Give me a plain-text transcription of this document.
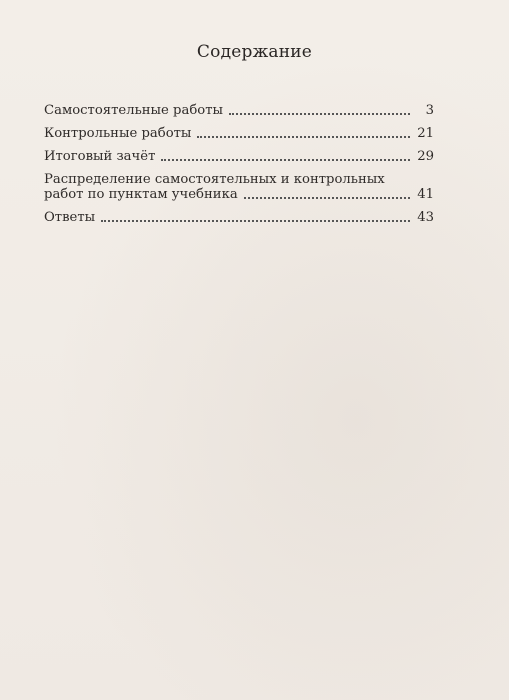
Содержание
Самостоятельные работы	3
Контрольные работы	21
Итоговый зачёт	29
Распределение самостоятельных и контрольных
работ по пунктам учебника	41
Ответы	43
